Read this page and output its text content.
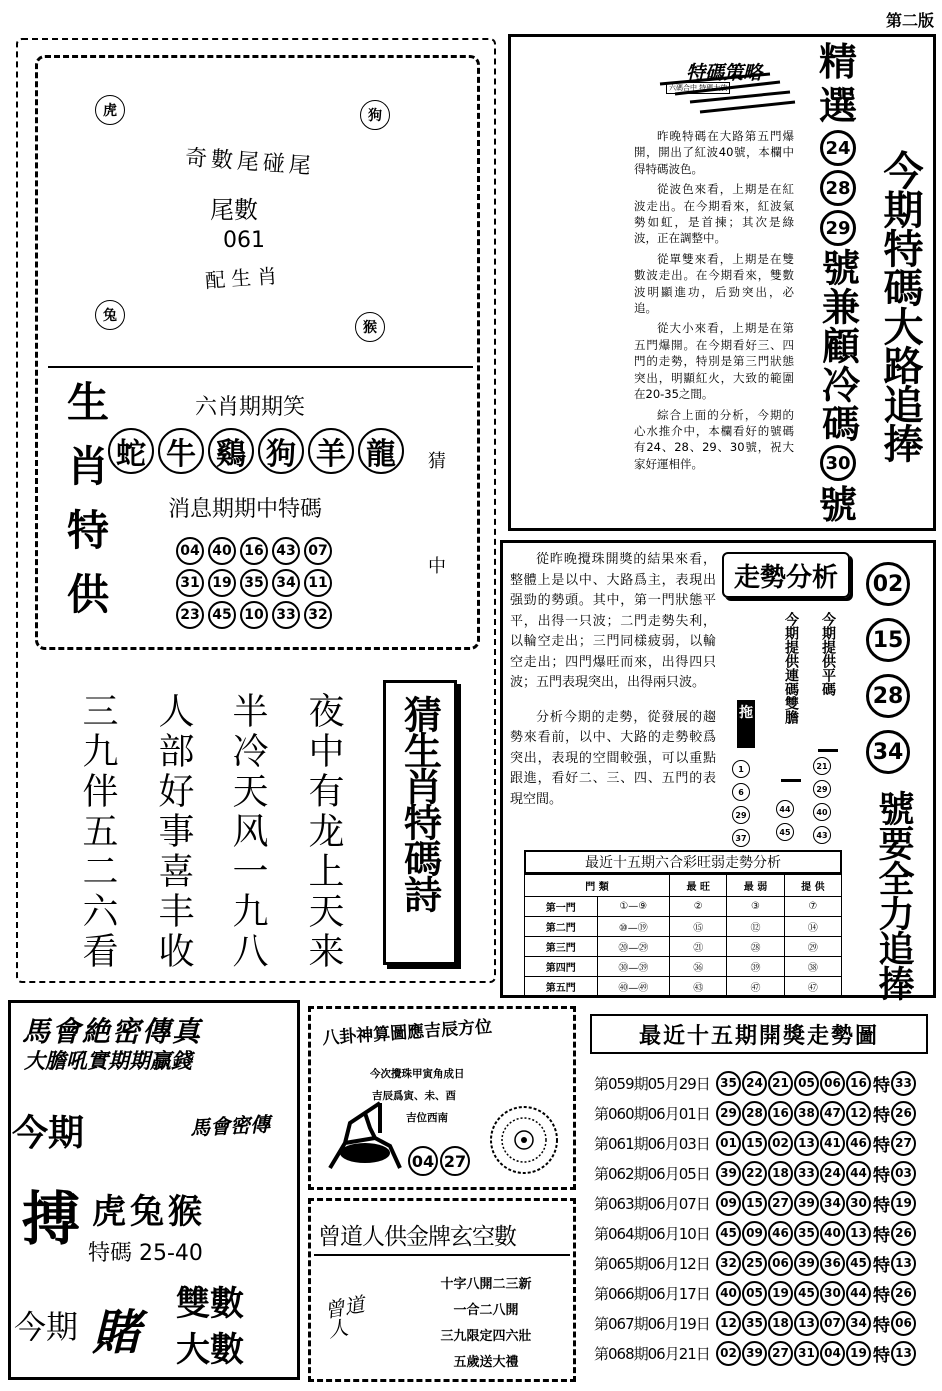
第二版
虎	狗
兔
猴
奇數尾碰尾
尾數
061
配生肖
生肖特供	六肖期期笑
蛇 牛 鷄 狗 羊 龍
消息期期中特碼
04 40 16 43 07
31 19 35 34 11
23 45 10 33 32
猜
中
夜中有龙上天来
半冷天风一九八
人部好事喜丰收
三九伴五二六看	猜生肖特碼詩
特碼策略
六碼合中 特碼大放

昨晚特碼在大路第五門爆開，開出了紅波40號，本欄中得特碼波色。

從波色來看，上期是在紅波走出。在今期看來，紅波氣勢如虹，是首揀；其次是綠波，正在調整中。

從單雙來看，上期是在雙數波走出。在今期看來，雙數波明顯進功，后勁突出，必追。

從大小來看，上期是在第五門爆開。在今期看好三、四門的走勢，特別是第三門狀態突出，明顯紅火，大致的範圍在20-35之間。

綜合上面的分析，今期的心水推介中，本欄看好的號碼有24、28、29、30號，祝大家好運相伴。

精
選
24
28
29
號兼顧冷碼
30
號
今期特碼大路追捧

從昨晚攪珠開獎的結果來看，整體上是以中、大路爲主，表現出强勁的勢頭。其中，第一門狀態平平，出得一只波；二門走勢失利，以輪空走出；三門同樣疲弱，以輪空走出；四門爆旺而來，出得四只波；五門表現突出，出得兩只波。

分析今期的走勢，從發展的趨勢來看前，以中、大路的走勢較爲突出，表現的空間較强，可以重點跟進，看好二、三、四、五門的表現空間。

走勢分析
今期提供平碼
今期提供連碼雙膽
拖
1
6
29
37
44
45
21
29
40
43
02
15
28
34
號要全力追捧
最近十五期六合彩旺弱走勢分析
門 類		最 旺	最 弱	提 供
第一門	①—⑨	②	③	⑦
第二門	⑩—⑲	⑮	⑫	⑭
第三門	⑳—㉙	㉑	㉘	㉙
第四門	㉚—㊴	㊱	㊴	㊳
第五門	㊵—㊾	㊸	㊼	㊼
馬會絶密傳真
大膽吼實期期贏錢
今期	馬會密傳
搏 虎兔猴
特碼 25-40
今期 賭
雙數
大數
八卦神算圖應吉辰方位
今次攪珠甲寅角成日
吉辰爲寅、未、酉
吉位西南
04 27
曾道人供金牌玄空數
曾道人
十字八開二三新
一合二八開
三九限定四六壯
五歲送大禮
最近十五期開獎走勢圖
第059期05月29日 35 24 21 05 06 16 特 33
第060期06月01日 29 28 16 38 47 12 特 26
第061期06月03日 01 15 02 13 41 46 特 27
第062期06月05日 39 22 18 33 24 44 特 03
第063期06月07日 09 15 27 39 34 30 特 19
第064期06月10日 45 09 46 35 40 13 特 26
第065期06月12日 32 25 06 39 36 45 特 13
第066期06月17日 40 05 19 45 30 44 特 26
第067期06月19日 12 35 18 13 07 34 特 06
第068期06月21日 02 39 27 31 04 19 特 13
